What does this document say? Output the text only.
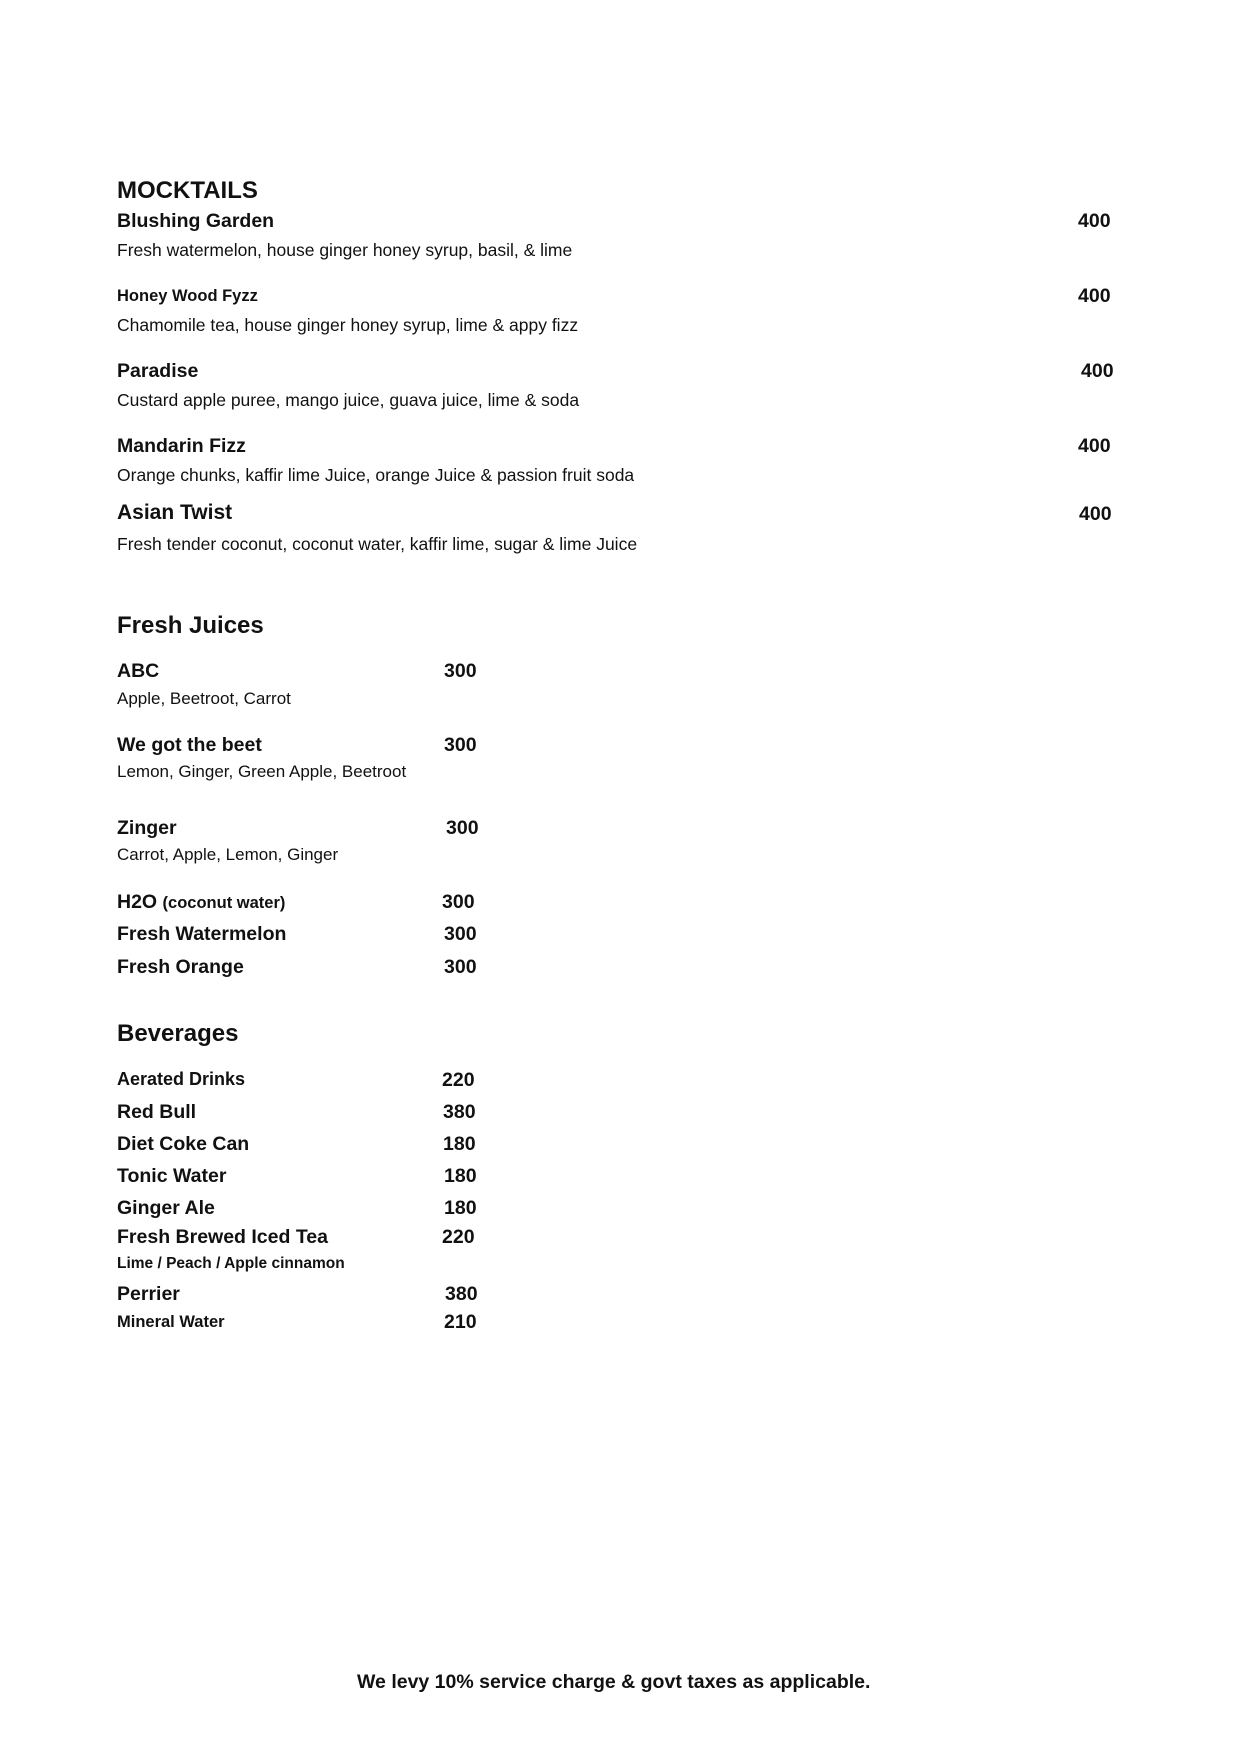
MOCKTAILS
Blushing Garden	400
Fresh watermelon, house ginger honey syrup, basil, & lime
Honey Wood Fyzz	400
Chamomile tea, house ginger honey syrup, lime & appy fizz
Paradise	400
Custard apple puree, mango juice, guava juice, lime & soda
Mandarin Fizz	400
Orange chunks, kaffir lime Juice, orange Juice & passion fruit soda
Asian Twist	400
Fresh tender coconut, coconut water, kaffir lime, sugar & lime Juice
Fresh Juices
ABC	300
Apple, Beetroot, Carrot
We got the beet	300
Lemon, Ginger, Green Apple, Beetroot
Zinger	300
Carrot, Apple, Lemon, Ginger
H2O (coconut water)	300
Fresh Watermelon	300
Fresh Orange	300
Beverages
Aerated Drinks	220
Red Bull	380
Diet Coke Can	180
Tonic Water	180
Ginger Ale	180
Fresh Brewed Iced Tea	220
Lime / Peach / Apple cinnamon
Perrier	380
Mineral Water	210
We levy 10% service charge & govt taxes as applicable.
